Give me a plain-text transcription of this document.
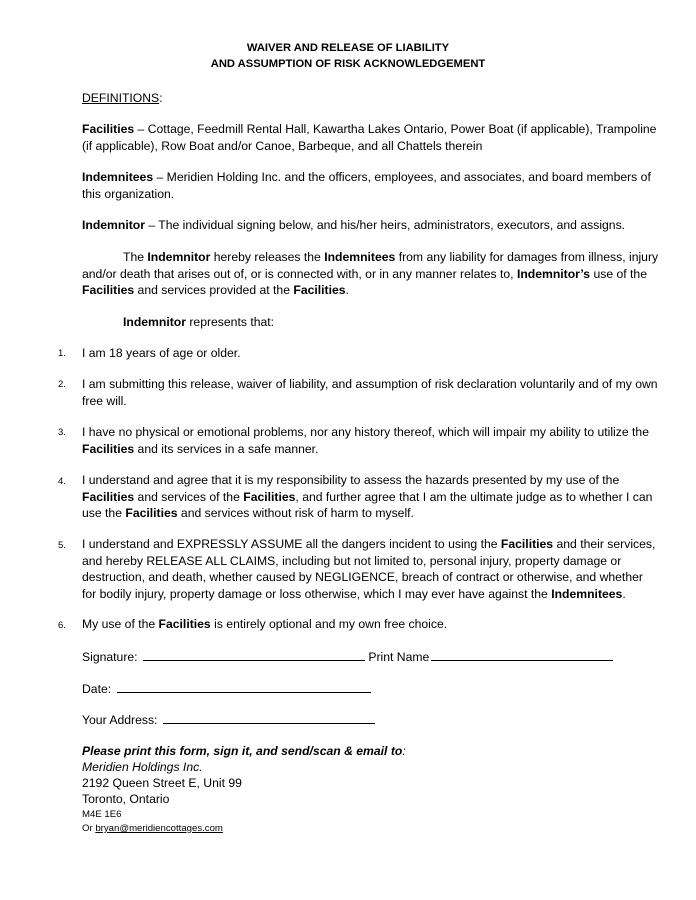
WAIVER AND RELEASE OF LIABILITY
AND ASSUMPTION OF RISK ACKNOWLEDGEMENT
DEFINITIONS:
Facilities – Cottage, Feedmill Rental Hall, Kawartha Lakes Ontario, Power Boat (if applicable), Trampoline (if applicable), Row Boat and/or Canoe, Barbeque, and all Chattels therein
Indemnitees – Meridien Holding Inc. and the officers, employees, and associates, and board members of this organization.
Indemnitor – The individual signing below, and his/her heirs, administrators, executors, and assigns.
The Indemnitor hereby releases the Indemnitees from any liability for damages from illness, injury and/or death that arises out of, or is connected with, or in any manner relates to, Indemnitor’s use of the Facilities and services provided at the Facilities.
Indemnitor represents that:
1.	I am 18 years of age or older.
2.	I am submitting this release, waiver of liability, and assumption of risk declaration voluntarily and of my own free will.
3.	I have no physical or emotional problems, nor any history thereof, which will impair my ability to utilize the Facilities and its services in a safe manner.
4.	I understand and agree that it is my responsibility to assess the hazards presented by my use of the Facilities and services of the Facilities, and further agree that I am the ultimate judge as to whether I can use the Facilities and services without risk of harm to myself.
5.	I understand and EXPRESSLY ASSUME all the dangers incident to using the Facilities and their services, and hereby RELEASE ALL CLAIMS, including but not limited to, personal injury, property damage or destruction, and death, whether caused by NEGLIGENCE, breach of contract or otherwise, and whether for bodily injury, property damage or loss otherwise, which I may ever have against the Indemnitees.
6.	My use of the Facilities is entirely optional and my own free choice.
Signature:	Print Name
Date:
Your Address:
Please print this form, sign it, and send/scan & email to:
Meridien Holdings Inc.
2192 Queen Street E, Unit 99
Toronto, Ontario
M4E 1E6
Or bryan@meridiencottages.com
